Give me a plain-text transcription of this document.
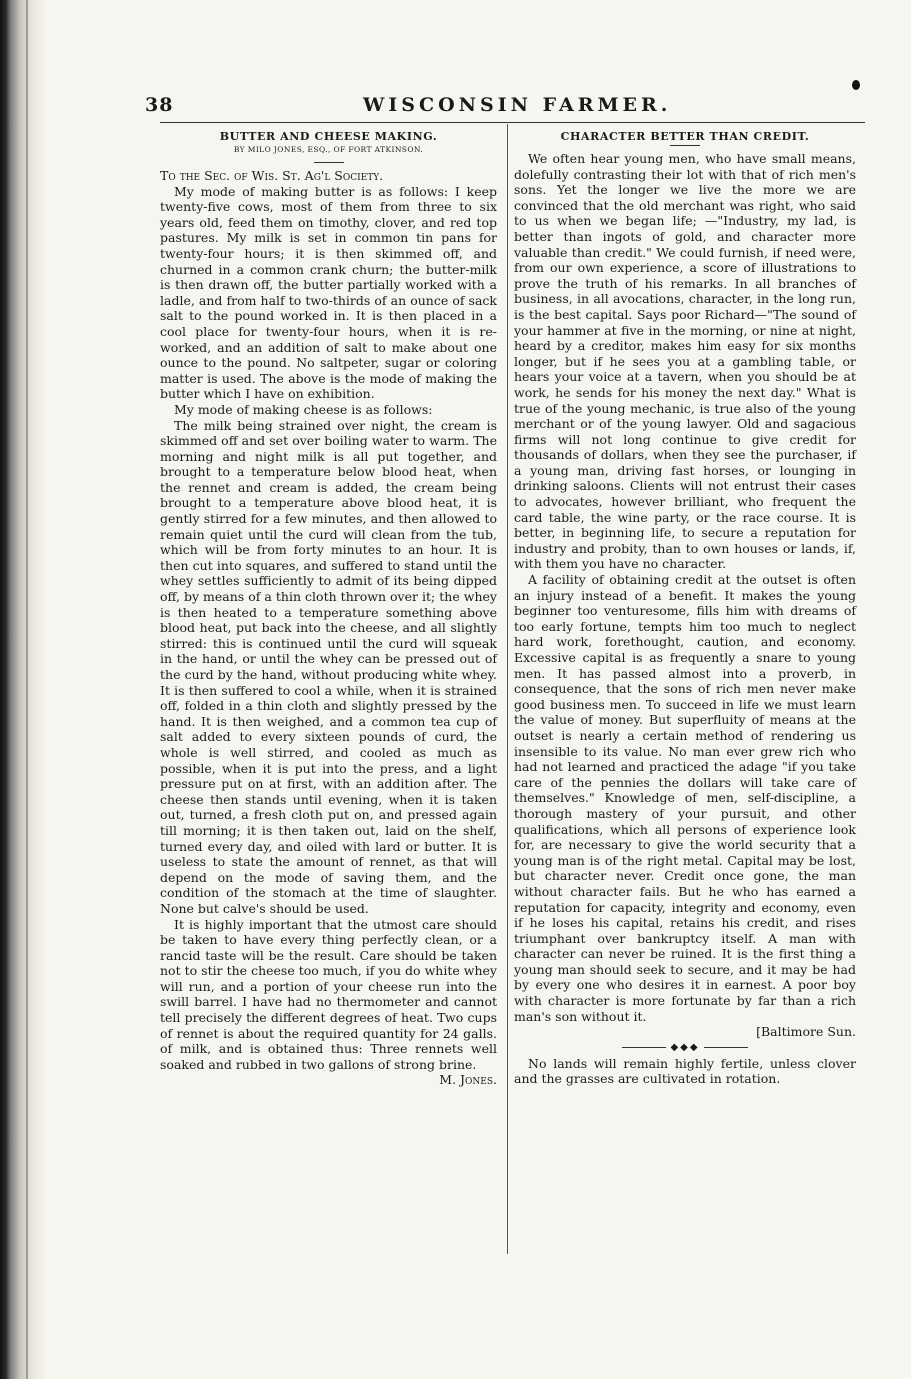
38	WISCONSIN FARMER.
BUTTER AND CHEESE MAKING.
BY MILO JONES, ESQ., OF FORT ATKINSON.

To the Sec. of Wis. St. Ag'l Society.

My mode of making butter is as follows: I keep twenty-five cows, most of them from three to six years old, feed them on timothy, clover, and red top pastures. My milk is set in common tin pans for twenty-four hours; it is then skimmed off, and churned in a common crank churn; the butter-milk is then drawn off, the butter partially worked with a ladle, and from half to two-thirds of an ounce of sack salt to the pound worked in. It is then placed in a cool place for twenty-four hours, when it is re-worked, and an addition of salt to make about one ounce to the pound. No saltpeter, sugar or coloring matter is used. The above is the mode of making the butter which I have on exhibition.

My mode of making cheese is as follows:

The milk being strained over night, the cream is skimmed off and set over boiling water to warm. The morning and night milk is all put together, and brought to a temperature below blood heat, when the rennet and cream is added, the cream being brought to a temperature above blood heat, it is gently stirred for a few minutes, and then allowed to remain quiet until the curd will clean from the tub, which will be from forty minutes to an hour. It is then cut into squares, and suffered to stand until the whey settles sufficiently to admit of its being dipped off, by means of a thin cloth thrown over it; the whey is then heated to a temperature something above blood heat, put back into the cheese, and all slightly stirred: this is continued until the curd will squeak in the hand, or until the whey can be pressed out of the curd by the hand, without producing white whey. It is then suffered to cool a while, when it is strained off, folded in a thin cloth and slightly pressed by the hand. It is then weighed, and a common tea cup of salt added to every sixteen pounds of curd, the whole is well stirred, and cooled as much as possible, when it is put into the press, and a light pressure put on at first, with an addition after. The cheese then stands until evening, when it is taken out, turned, a fresh cloth put on, and pressed again till morning; it is then taken out, laid on the shelf, turned every day, and oiled with lard or butter. It is useless to state the amount of rennet, as that will depend on the mode of saving them, and the condition of the stomach at the time of slaughter. None but calve's should be used.

It is highly important that the utmost care should be taken to have every thing perfectly clean, or a rancid taste will be the result. Care should be taken not to stir the cheese too much, if you do white whey will run, and a portion of your cheese run into the swill barrel. I have had no thermometer and cannot tell precisely the different degrees of heat. Two cups of rennet is about the required quantity for 24 galls. of milk, and is obtained thus: Three rennets well soaked and rubbed in two gallons of strong brine.

M. Jones.

CHARACTER BETTER THAN CREDIT.

We often hear young men, who have small means, dolefully contrasting their lot with that of rich men's sons. Yet the longer we live the more we are convinced that the old merchant was right, who said to us when we began life; —"Industry, my lad, is better than ingots of gold, and character more valuable than credit." We could furnish, if need were, from our own experience, a score of illustrations to prove the truth of his remarks. In all branches of business, in all avocations, character, in the long run, is the best capital. Says poor Richard—"The sound of your hammer at five in the morning, or nine at night, heard by a creditor, makes him easy for six months longer, but if he sees you at a gambling table, or hears your voice at a tavern, when you should be at work, he sends for his money the next day." What is true of the young mechanic, is true also of the young merchant or of the young lawyer. Old and sagacious firms will not long continue to give credit for thousands of dollars, when they see the purchaser, if a young man, driving fast horses, or lounging in drinking saloons. Clients will not entrust their cases to advocates, however brilliant, who frequent the card table, the wine party, or the race course. It is better, in beginning life, to secure a reputation for industry and probity, than to own houses or lands, if, with them you have no character.

A facility of obtaining credit at the outset is often an injury instead of a benefit. It makes the young beginner too venturesome, fills him with dreams of too early fortune, tempts him too much to neglect hard work, forethought, caution, and economy. Excessive capital is as frequently a snare to young men. It has passed almost into a proverb, in consequence, that the sons of rich men never make good business men. To succeed in life we must learn the value of money. But superfluity of means at the outset is nearly a certain method of rendering us insensible to its value. No man ever grew rich who had not learned and practiced the adage "if you take care of the pennies the dollars will take care of themselves." Knowledge of men, self-discipline, a thorough mastery of your pursuit, and other qualifications, which all persons of experience look for, are necessary to give the world security that a young man is of the right metal. Capital may be lost, but character never. Credit once gone, the man without character fails. But he who has earned a reputation for capacity, integrity and economy, even if he loses his capital, retains his credit, and rises triumphant over bankruptcy itself. A man with character can never be ruined. It is the first thing a young man should seek to secure, and it may be had by every one who desires it in earnest. A poor boy with character is more fortunate by far than a rich man's son without it.

[Baltimore Sun.

◆◆◆

No lands will remain highly fertile, unless clover and the grasses are cultivated in rotation.
